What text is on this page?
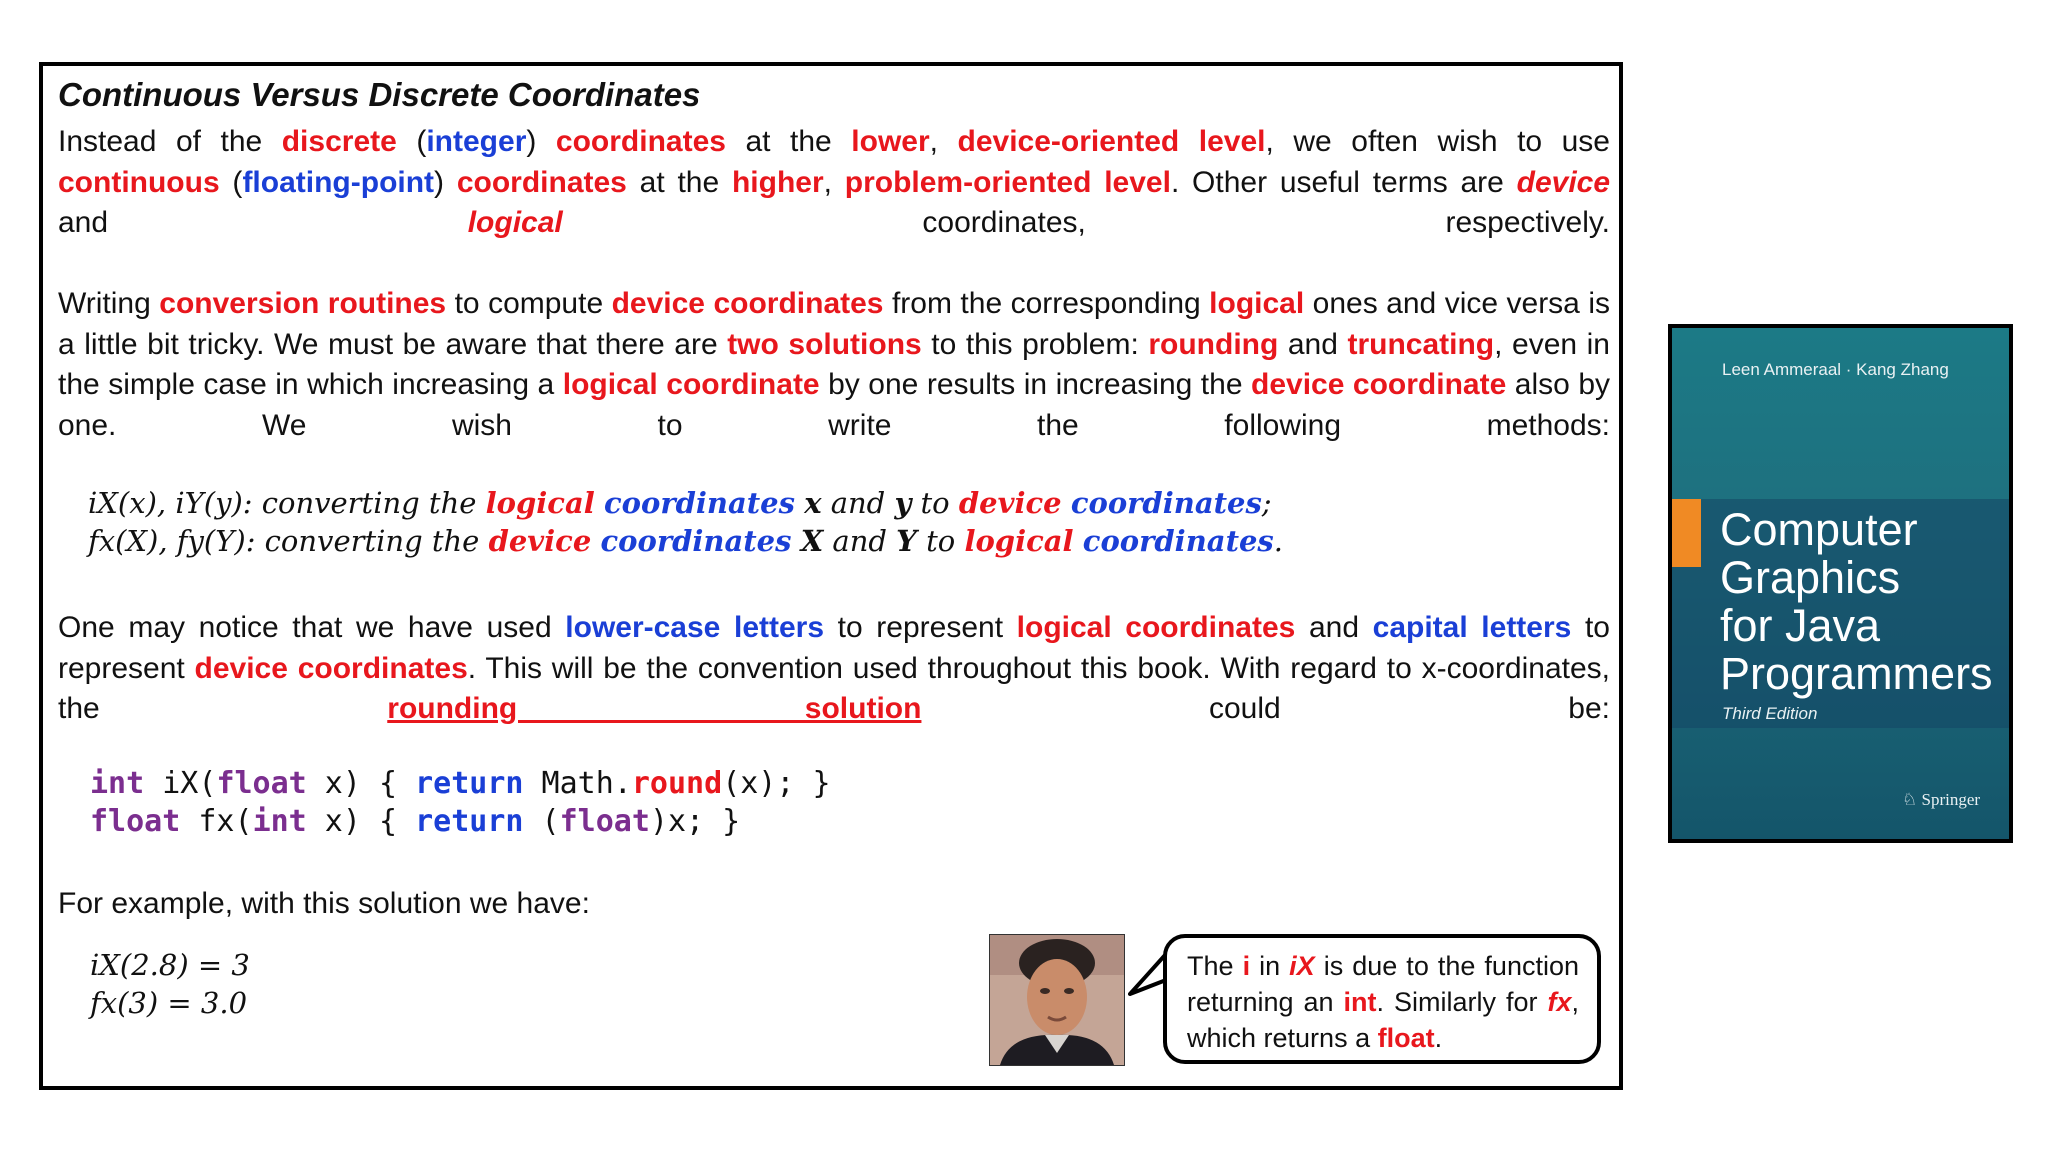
Continuous Versus Discrete Coordinates
Instead of the discrete (integer) coordinates at the lower, device-oriented level, we often wish to use continuous (floating-point) coordinates at the higher, problem-oriented level. Other useful terms are device and logical coordinates, respectively.
Writing conversion routines to compute device coordinates from the corresponding logical ones and vice versa is a little bit tricky. We must be aware that there are two solutions to this problem: rounding and truncating, even in the simple case in which increasing a logical coordinate by one results in increasing the device coordinate also by one. We wish to write the following methods:
iX(x), iY(y): converting the logical coordinates x and y to device coordinates;
fx(X), fy(Y): converting the device coordinates X and Y to logical coordinates.
One may notice that we have used lower-case letters to represent logical coordinates and capital letters to represent device coordinates. This will be the convention used throughout this book. With regard to x-coordinates, the rounding solution could be:
int iX(float x) { return Math.round(x); }
float fx(int x) { return (float)x; }
For example, with this solution we have:
iX(2.8) = 3
fx(3) = 3.0
The i in iX is due to the function returning an int. Similarly for fx, which returns a float.
Leen Ammeraal · Kang Zhang
Computer
Graphics
for Java
Programmers
Third Edition
♘ Springer
